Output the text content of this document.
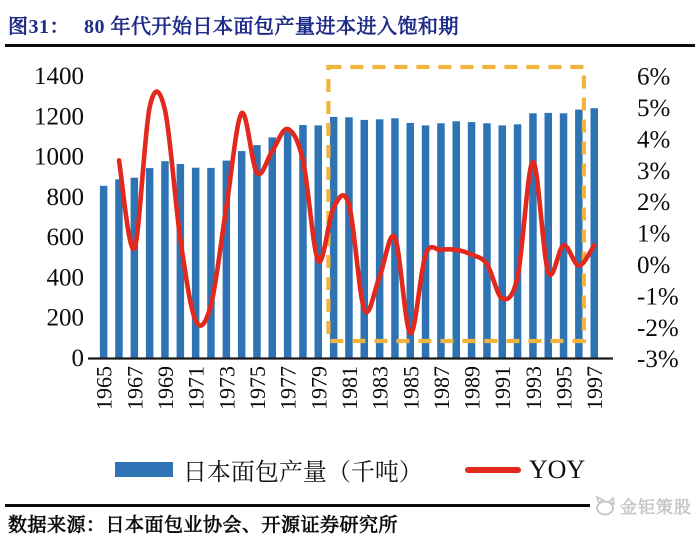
图31： 80 年代开始日本面包产量进本进入饱和期
1400
1200
1000
800
600
400
200
0
6%
5%
4%
3%
2%
1%
0%
-1%
-2%
-3%
1965 1967 1969 1971 1973 1975 1977 1979 1981 1983 1985 1987 1989 1991 1993 1995 1997
日本面包产量（千吨）	YOY
数据来源：日本面包业协会、开源证券研究所
金钜策股
